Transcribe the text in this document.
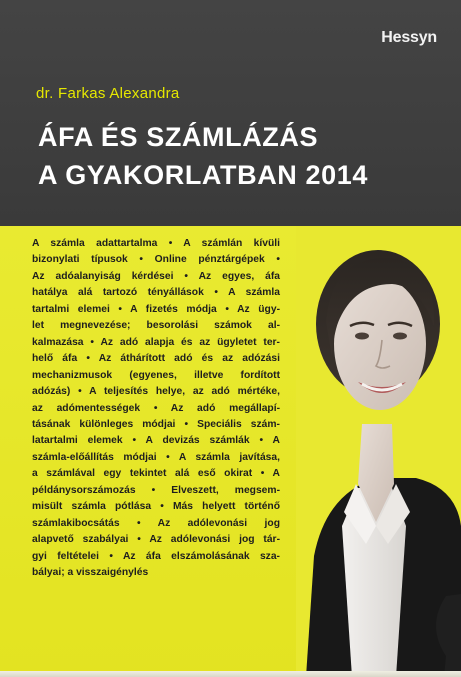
Hessyn
dr. Farkas Alexandra
ÁFA ÉS SZÁMLÁZÁS
A GYAKORLATBAN 2014
A számla adattartalma • A számlán kívüli
bizonylati típusok • Online pénztárgépek •
Az adóalanyiság kérdései • Az egyes, áfa
hatálya alá tartozó tényállások • A számla
tartalmi elemei • A fizetés módja • Az ügy-
let megnevezése; besorolási számok al-
kalmazása • Az adó alapja és az ügyletet ter-
helő áfa • Az áthárított adó és az adózási
mechanizmusok (egyenes, illetve fordított
adózás) • A teljesítés helye, az adó mértéke,
az adómentességek • Az adó megállapí-
tásának különleges módjai • Speciális szám-
latartalmi elemek • A devizás számlák • A
számla-előállítás módjai • A számla javítása,
a számlával egy tekintet alá eső okirat • A
példánysorszámozás • Elveszett, megsem-
misült számla pótlása • Más helyett történő
számlakibocsátás • Az adólevonási jog
alapvető szabályai • Az adólevonási jog tár-
gyi feltételei • Az áfa elszámolásának sza-
bályai; a visszaigénylés
